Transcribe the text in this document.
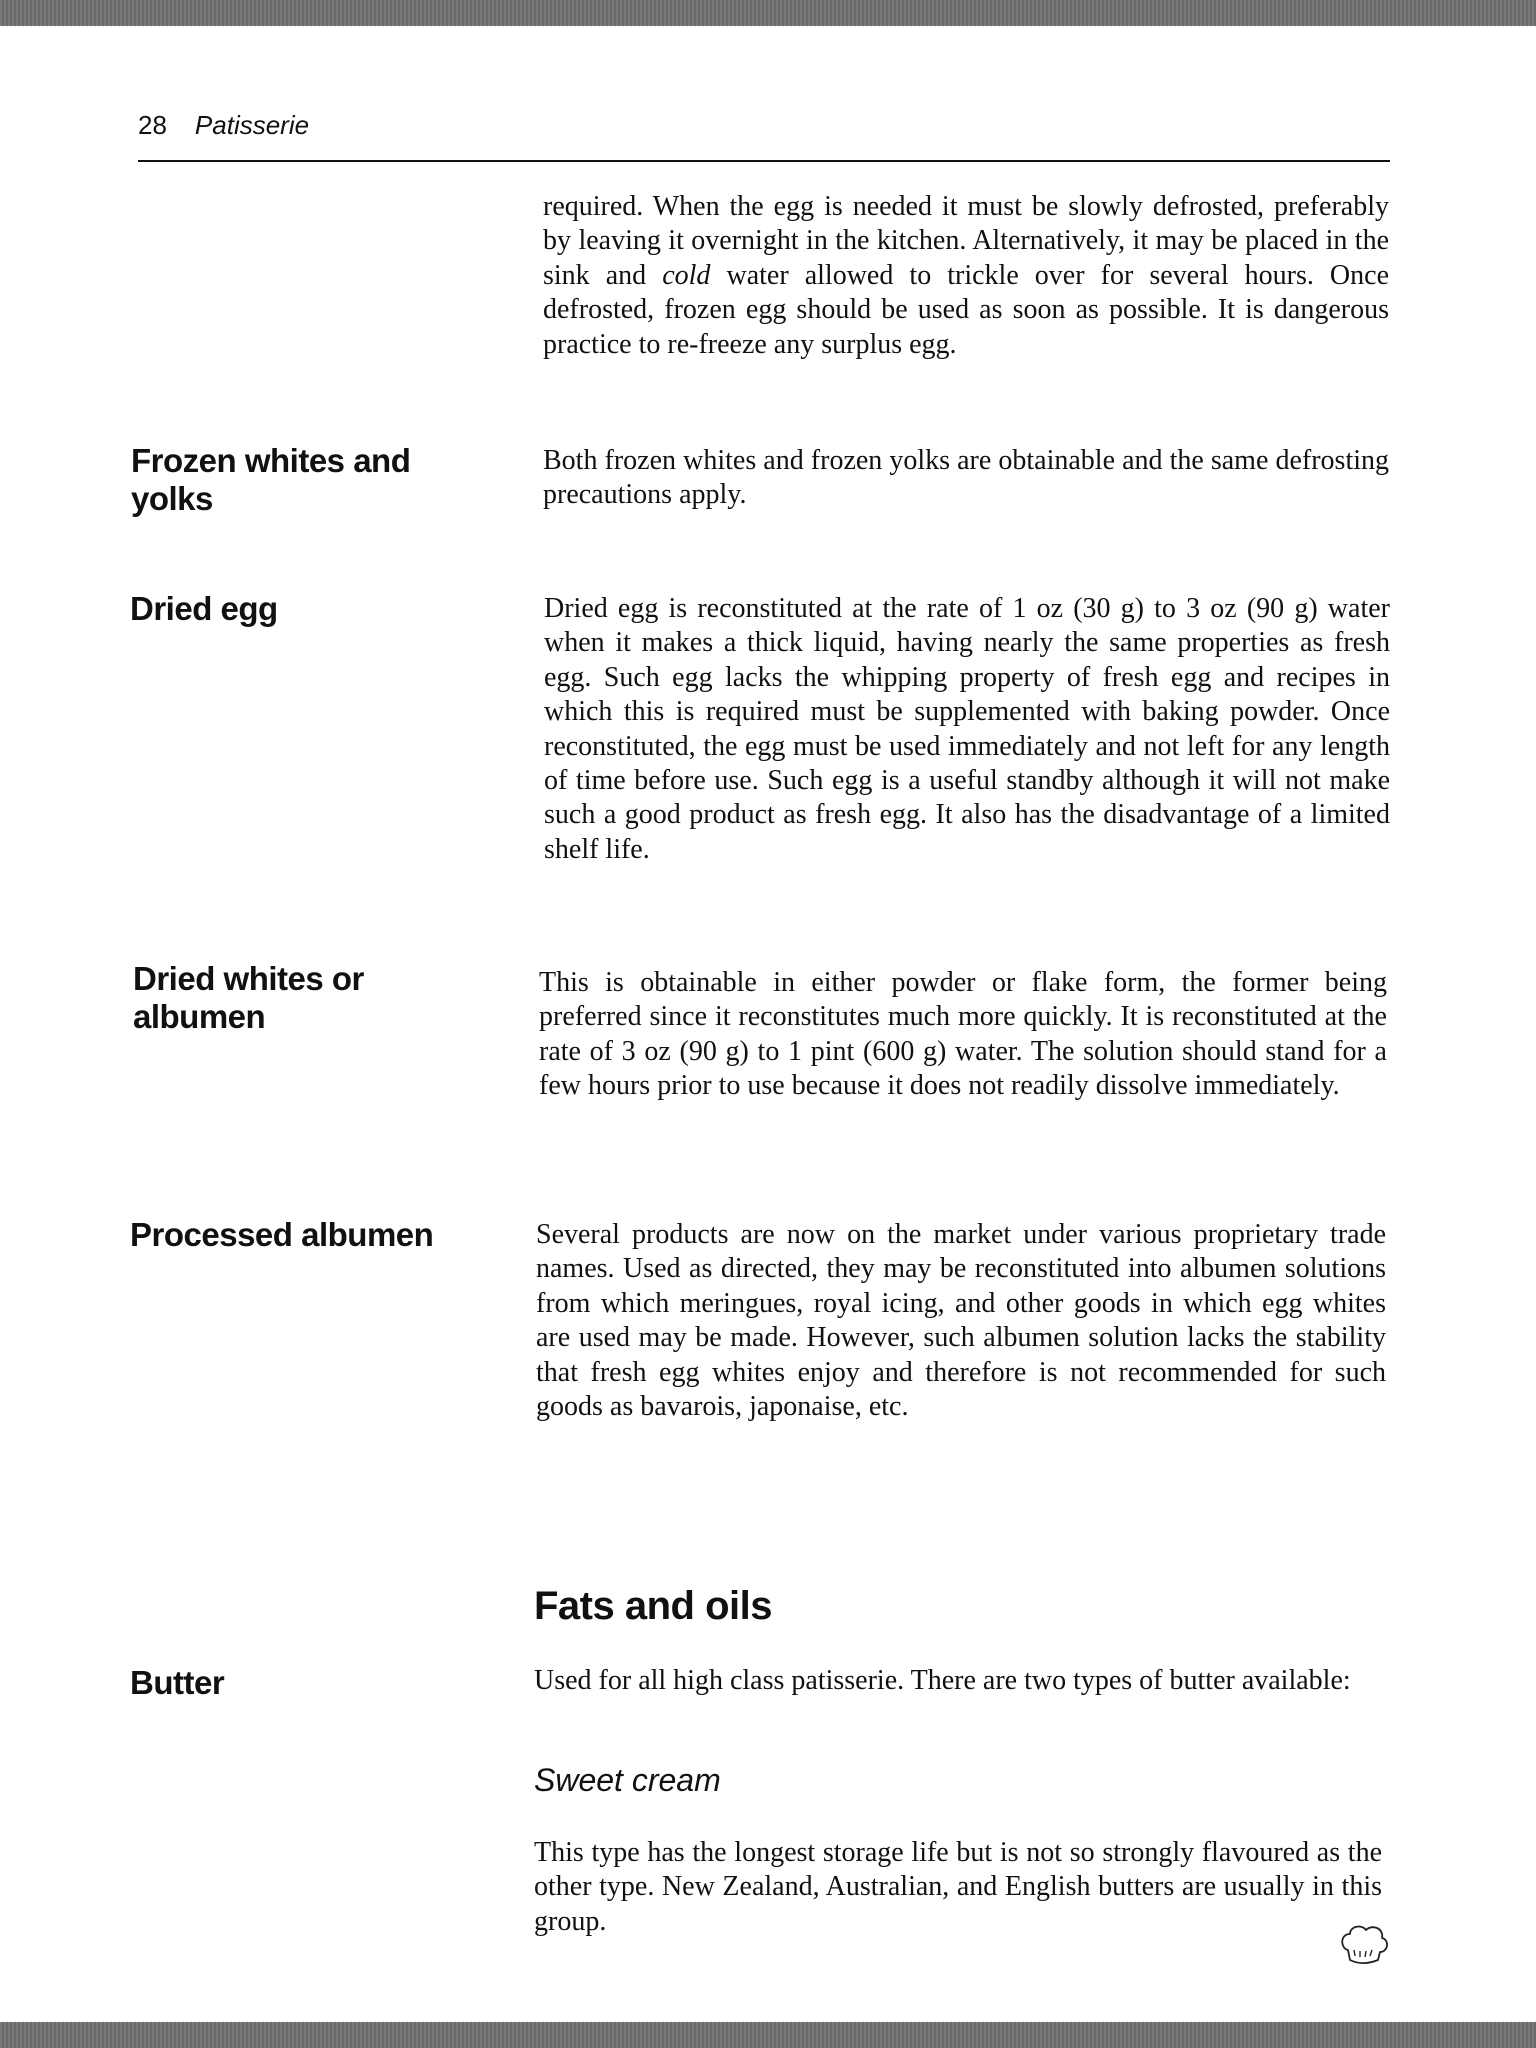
28 Patisserie

required. When the egg is needed it must be slowly defrosted, preferably by leaving it overnight in the kitchen. Alternatively, it may be placed in the sink and cold water allowed to trickle over for several hours. Once defrosted, frozen egg should be used as soon as possible. It is dangerous practice to re-freeze any surplus egg.

Frozen whites and yolks
Both frozen whites and frozen yolks are obtainable and the same defrosting precautions apply.
Dried egg	Dried egg is reconstituted at the rate of 1 oz (30 g) to 3 oz (90 g) water when it makes a thick liquid, having nearly the same properties as fresh egg. Such egg lacks the whipping property of fresh egg and recipes in which this is required must be supplemented with baking powder. Once reconstituted, the egg must be used immediately and not left for any length of time before use. Such egg is a useful standby although it will not make such a good product as fresh egg. It also has the disadvantage of a limited shelf life.
Dried whites or albumen
This is obtainable in either powder or flake form, the former being preferred since it reconstitutes much more quickly. It is reconstituted at the rate of 3 oz (90 g) to 1 pint (600 g) water. The solution should stand for a few hours prior to use because it does not readily dissolve immediately.
Processed albumen	Several products are now on the market under various proprietary trade names. Used as directed, they may be reconstituted into albumen solutions from which meringues, royal icing, and other goods in which egg whites are used may be made. However, such albumen solution lacks the stability that fresh egg whites enjoy and therefore is not recommended for such goods as bavarois, japonaise, etc.
Fats and oils
Butter	Used for all high class patisserie. There are two types of butter available:
Sweet cream
This type has the longest storage life but is not so strongly flavoured as the other type. New Zealand, Australian, and English butters are usually in this group.
